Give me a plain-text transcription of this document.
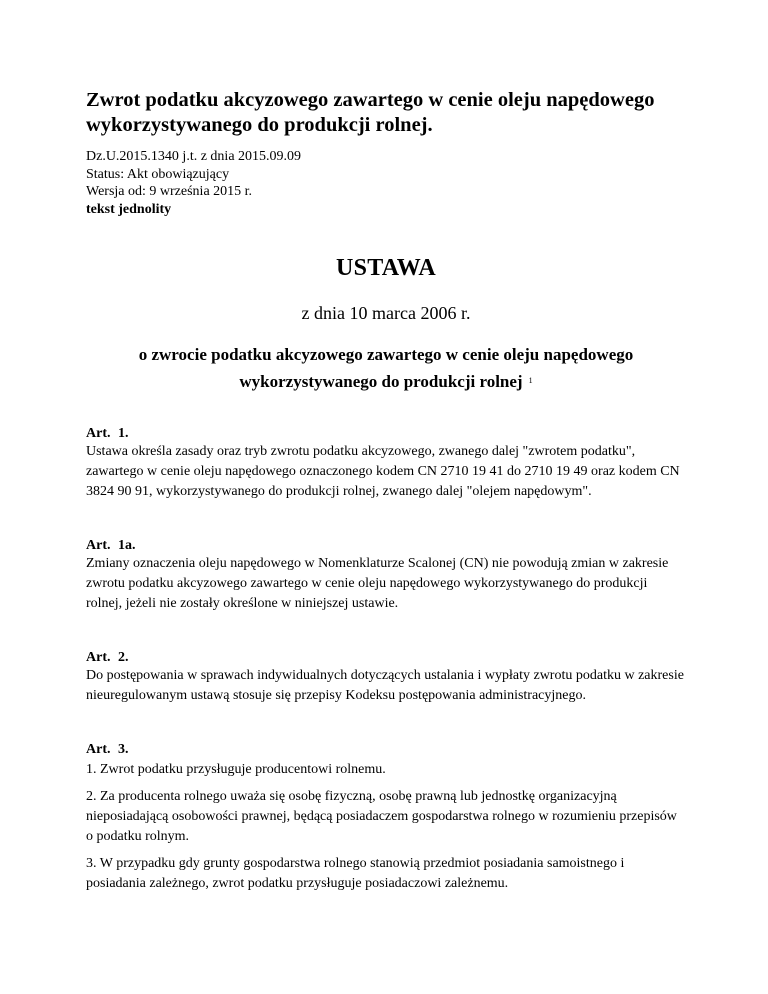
Zwrot podatku akcyzowego zawartego w cenie oleju napędowego wykorzystywanego do produkcji rolnej.
Dz.U.2015.1340 j.t. z dnia 2015.09.09
Status: Akt obowiązujący
Wersja od: 9 września 2015 r.
tekst jednolity
USTAWA
z dnia 10 marca 2006 r.
o zwrocie podatku akcyzowego zawartego w cenie oleju napędowego
wykorzystywanego do produkcji rolnej $^1$
Art. 1.
Ustawa określa zasady oraz tryb zwrotu podatku akcyzowego, zwanego dalej "zwrotem podatku", zawartego w cenie oleju napędowego oznaczonego kodem CN 2710 19 41 do 2710 19 49 oraz kodem CN 3824 90 91, wykorzystywanego do produkcji rolnej, zwanego dalej "olejem napędowym".
Art. 1a.
Zmiany oznaczenia oleju napędowego w Nomenklaturze Scalonej (CN) nie powodują zmian w zakresie zwrotu podatku akcyzowego zawartego w cenie oleju napędowego wykorzystywanego do produkcji rolnej, jeżeli nie zostały określone w niniejszej ustawie.
Art. 2.
Do postępowania w sprawach indywidualnych dotyczących ustalania i wypłaty zwrotu podatku w zakresie nieuregulowanym ustawą stosuje się przepisy Kodeksu postępowania administracyjnego.
Art. 3.
1. Zwrot podatku przysługuje producentowi rolnemu.
2. Za producenta rolnego uważa się osobę fizyczną, osobę prawną lub jednostkę organizacyjną nieposiadającą osobowości prawnej, będącą posiadaczem gospodarstwa rolnego w rozumieniu przepisów o podatku rolnym.
3. W przypadku gdy grunty gospodarstwa rolnego stanowią przedmiot posiadania samoistnego i posiadania zależnego, zwrot podatku przysługuje posiadaczowi zależnemu.
